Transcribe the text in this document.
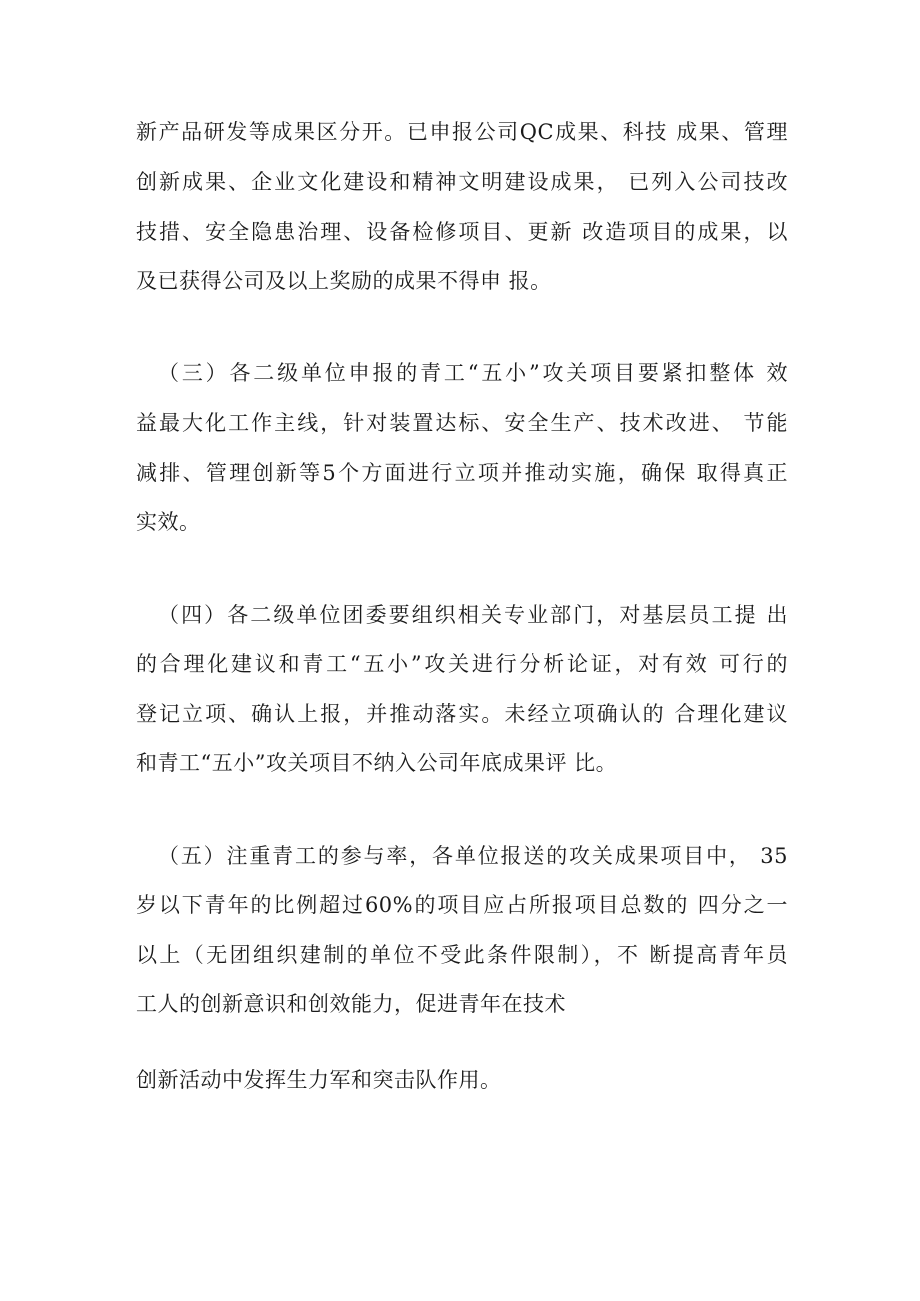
新产品研发等成果区分开。已申报公司QC成果、科技 成果、管理
创新成果、企业文化建设和精神文明建设成果， 已列入公司技改
技措、安全隐患治理、设备检修项目、更新 改造项目的成果，以
及已获得公司及以上奖励的成果不得申 报。
（三）各二级单位申报的青工“五小”攻关项目要紧扣整体 效
益最大化工作主线，针对装置达标、安全生产、技术改进、 节能
减排、管理创新等5个方面进行立项并推动实施，确保 取得真正
实效。
（四）各二级单位团委要组织相关专业部门，对基层员工提 出
的合理化建议和青工“五小”攻关进行分析论证，对有效 可行的
登记立项、确认上报，并推动落实。未经立项确认的 合理化建议
和青工“五小”攻关项目不纳入公司年底成果评 比。
（五）注重青工的参与率，各单位报送的攻关成果项目中， 35
岁以下青年的比例超过60%的项目应占所报项目总数的 四分之一
以上（无团组织建制的单位不受此条件限制），不 断提高青年员
工人的创新意识和创效能力，促进青年在技术
创新活动中发挥生力军和突击队作用。
